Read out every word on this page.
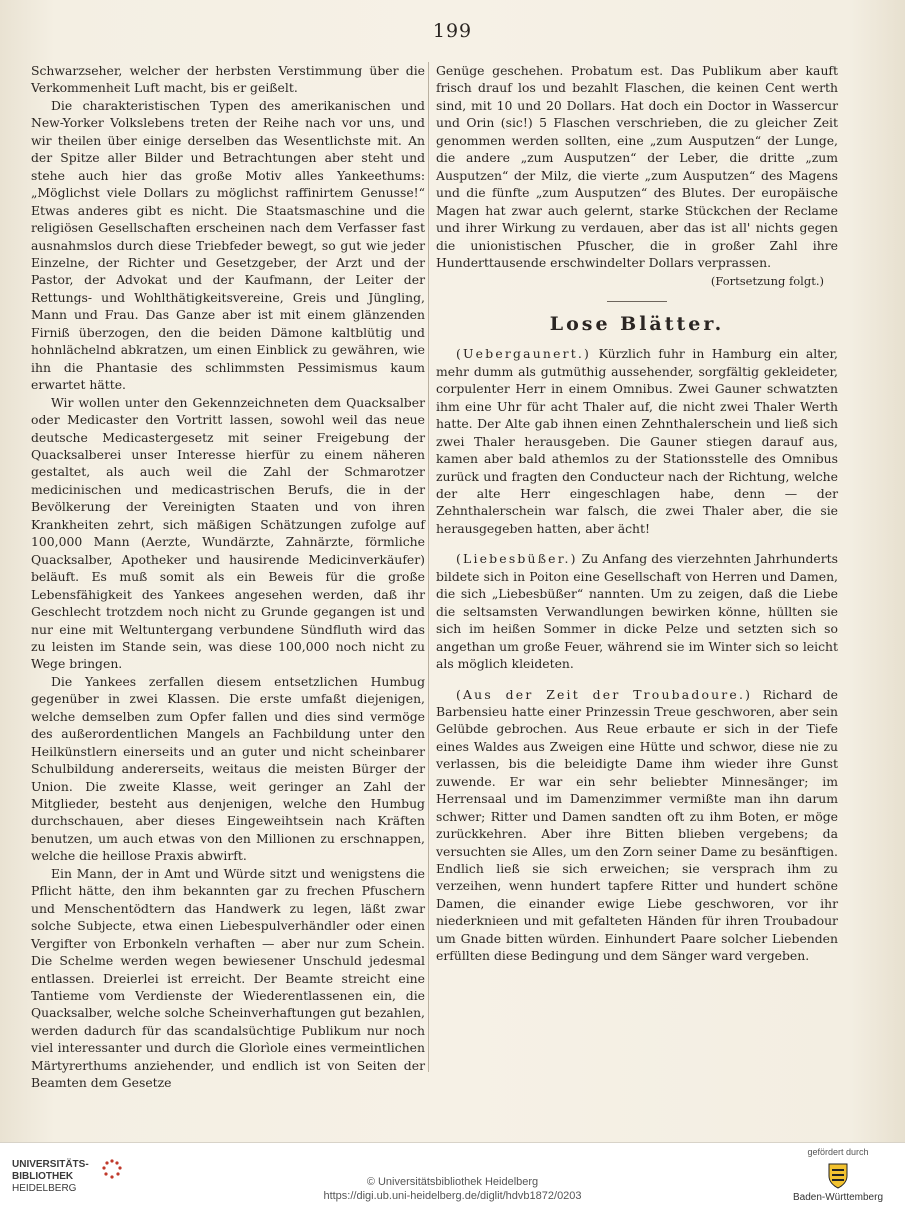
199

Schwarzseher, welcher der herbsten Verstimmung über die Verkommenheit Luft macht, bis er geißelt.

Die charakteristischen Typen des amerikanischen und New-Yorker Volkslebens treten der Reihe nach vor uns, und wir theilen über einige derselben das Wesentlichste mit. An der Spitze aller Bilder und Betrachtungen aber steht und stehe auch hier das große Motiv alles Yankeethums: „Möglichst viele Dollars zu möglichst raffinirtem Genusse!“ Etwas anderes gibt es nicht. Die Staatsmaschine und die religiösen Gesellschaften erscheinen nach dem Verfasser fast ausnahmslos durch diese Triebfeder bewegt, so gut wie jeder Einzelne, der Richter und Gesetzgeber, der Arzt und der Pastor, der Advokat und der Kaufmann, der Leiter der Rettungs- und Wohlthätigkeitsvereine, Greis und Jüngling, Mann und Frau. Das Ganze aber ist mit einem glänzenden Firniß überzogen, den die beiden Dämone kaltblütig und hohnlächelnd abkratzen, um einen Einblick zu gewähren, wie ihn die Phantasie des schlimmsten Pessimismus kaum erwartet hätte.

Wir wollen unter den Gekennzeichneten dem Quacksalber oder Medicaster den Vortritt lassen, sowohl weil das neue deutsche Medicastergesetz mit seiner Freigebung der Quacksalberei unser Interesse hierfür zu einem näheren gestaltet, als auch weil die Zahl der Schmarotzer medicinischen und medicastrischen Berufs, die in der Bevölkerung der Vereinigten Staaten und von ihren Krankheiten zehrt, sich mäßigen Schätzungen zufolge auf 100,000 Mann (Aerzte, Wundärzte, Zahnärzte, förmliche Quacksalber, Apotheker und hausirende Medicinverkäufer) beläuft. Es muß somit als ein Beweis für die große Lebensfähigkeit des Yankees angesehen werden, daß ihr Geschlecht trotzdem noch nicht zu Grunde gegangen ist und nur eine mit Weltuntergang verbundene Sündfluth wird das zu leisten im Stande sein, was diese 100,000 noch nicht zu Wege bringen.

Die Yankees zerfallen diesem entsetzlichen Humbug gegenüber in zwei Klassen. Die erste umfaßt diejenigen, welche demselben zum Opfer fallen und dies sind vermöge des außerordentlichen Mangels an Fachbildung unter den Heilkünstlern einerseits und an guter und nicht scheinbarer Schulbildung andererseits, weitaus die meisten Bürger der Union. Die zweite Klasse, weit geringer an Zahl der Mitglieder, besteht aus denjenigen, welche den Humbug durchschauen, aber dieses Eingeweihtsein nach Kräften benutzen, um auch etwas von den Millionen zu erschnappen, welche die heillose Praxis abwirft.

Ein Mann, der in Amt und Würde sitzt und wenigstens die Pflicht hätte, den ihm bekannten gar zu frechen Pfuschern und Menschentödtern das Handwerk zu legen, läßt zwar solche Subjecte, etwa einen Liebespulverhändler oder einen Vergifter von Erbonkeln verhaften — aber nur zum Schein. Die Schelme werden wegen bewiesener Unschuld jedesmal entlassen. Dreierlei ist erreicht. Der Beamte streicht eine Tantieme vom Verdienste der Wiederentlassenen ein, die Quacksalber, welche solche Scheinverhaftungen gut bezahlen, werden dadurch für das scandalsüchtige Publikum nur noch viel interessanter und durch die Glorìole eines vermeintlichen Märtyrerthums anziehender, und endlich ist von Seiten der Beamten dem Gesetze

Genüge geschehen. Probatum est. Das Publikum aber kauft frisch drauf los und bezahlt Flaschen, die keinen Cent werth sind, mit 10 und 20 Dollars. Hat doch ein Doctor in Wassercur und Orin (sic!) 5 Flaschen verschrieben, die zu gleicher Zeit genommen werden sollten, eine „zum Ausputzen“ der Lunge, die andere „zum Ausputzen“ der Leber, die dritte „zum Ausputzen“ der Milz, die vierte „zum Ausputzen“ des Magens und die fünfte „zum Ausputzen“ des Blutes. Der europäische Magen hat zwar auch gelernt, starke Stückchen der Reclame und ihrer Wirkung zu verdauen, aber das ist all' nichts gegen die unionistischen Pfuscher, die in großer Zahl ihre Hunderttausende erschwindelter Dollars verprassen.

(Fortsetzung folgt.)

Lose Blätter.

(Uebergaunert.) Kürzlich fuhr in Hamburg ein alter, mehr dumm als gutmüthig aussehender, sorgfältig gekleideter, corpulenter Herr in einem Omnibus. Zwei Gauner schwatzten ihm eine Uhr für acht Thaler auf, die nicht zwei Thaler Werth hatte. Der Alte gab ihnen einen Zehnthalerschein und ließ sich zwei Thaler herausgeben. Die Gauner stiegen darauf aus, kamen aber bald athemlos zu der Stationsstelle des Omnibus zurück und fragten den Conducteur nach der Richtung, welche der alte Herr eingeschlagen habe, denn — der Zehnthalerschein war falsch, die zwei Thaler aber, die sie herausgegeben hatten, aber ächt!

(Liebesbüßer.) Zu Anfang des vierzehnten Jahrhunderts bildete sich in Poiton eine Gesellschaft von Herren und Damen, die sich „Liebesbüßer“ nannten. Um zu zeigen, daß die Liebe die seltsamsten Verwandlungen bewirken könne, hüllten sie sich im heißen Sommer in dicke Pelze und setzten sich so angethan um große Feuer, während sie im Winter sich so leicht als möglich kleideten.

(Aus der Zeit der Troubadoure.) Richard de Barbensieu hatte einer Prinzessin Treue geschworen, aber sein Gelübde gebrochen. Aus Reue erbaute er sich in der Tiefe eines Waldes aus Zweigen eine Hütte und schwor, diese nie zu verlassen, bis die beleidigte Dame ihm wieder ihre Gunst zuwende. Er war ein sehr beliebter Minnesänger; im Herrensaal und im Damenzimmer vermißte man ihn darum schwer; Ritter und Damen sandten oft zu ihm Boten, er möge zurückkehren. Aber ihre Bitten blieben vergebens; da versuchten sie Alles, um den Zorn seiner Dame zu besänftigen. Endlich ließ sie sich erweichen; sie versprach ihm zu verzeihen, wenn hundert tapfere Ritter und hundert schöne Damen, die einander ewige Liebe geschworen, vor ihr niederknieen und mit gefalteten Händen für ihren Troubadour um Gnade bitten würden. Einhundert Paare solcher Liebenden erfüllten diese Bedingung und dem Sänger ward vergeben.

UNIVERSITÄTS-
BIBLIOTHEK
HEIDELBERG
© Universitätsbibliothek Heidelberg
https://digi.ub.uni-heidelberg.de/diglit/hdvb1872/0203
gefördert durch
Baden-Württemberg
